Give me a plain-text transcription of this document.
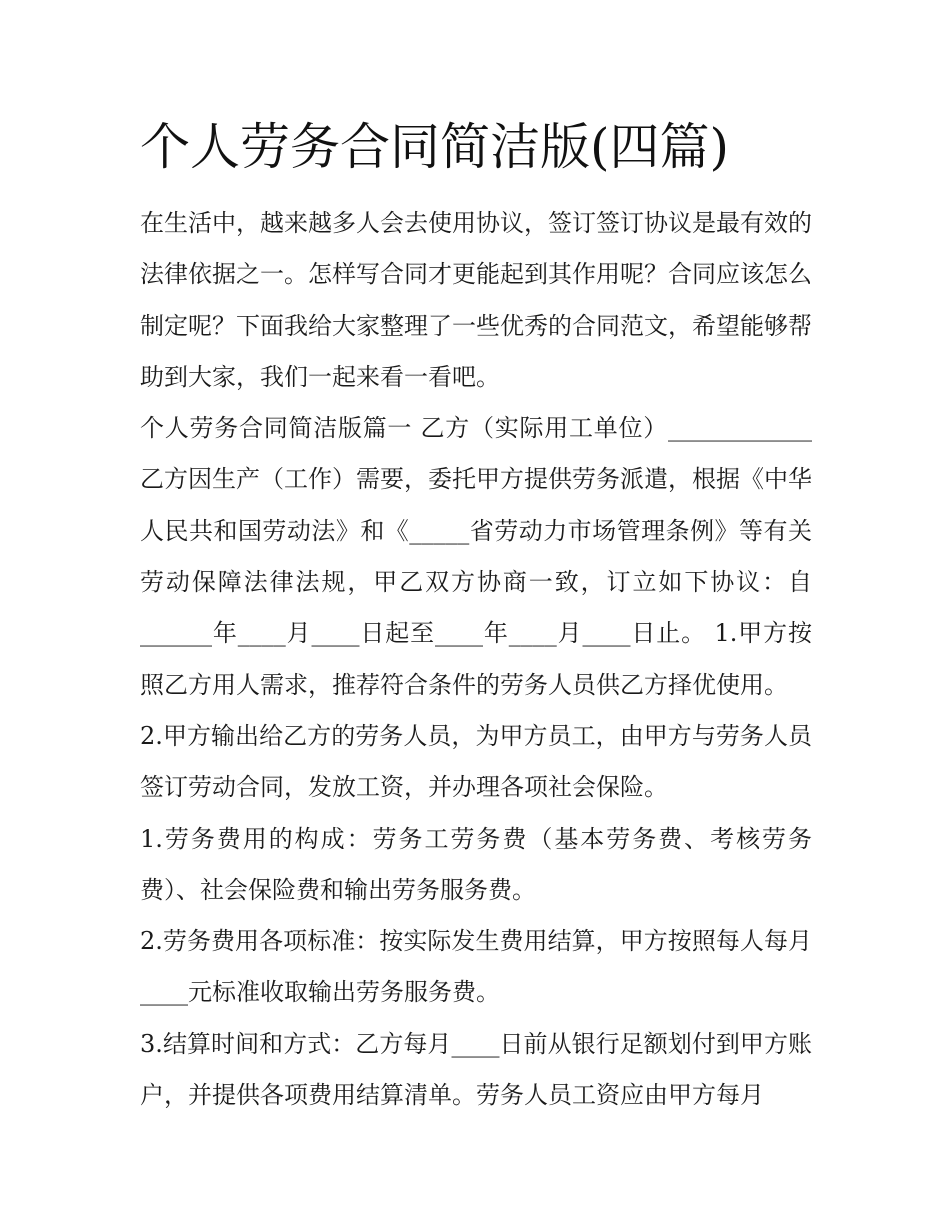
个人劳务合同简洁版(四篇)

在生活中，越来越多人会去使用协议，签订签订协议是最有效的法律依据之一。怎样写合同才更能起到其作用呢？合同应该怎么制定呢？下面我给大家整理了一些优秀的合同范文，希望能够帮助到大家，我们一起来看一看吧。

个人劳务合同简洁版篇一 乙方（实际用工单位）____________ 乙方因生产（工作）需要，委托甲方提供劳务派遣，根据《中华人民共和国劳动法》和《_____省劳动力市场管理条例》等有关劳动保障法律法规，甲乙双方协商一致，订立如下协议：自______年____月____日起至____年____月____日止。 1.甲方按照乙方用人需求，推荐符合条件的劳务人员供乙方择优使用。

2.甲方输出给乙方的劳务人员，为甲方员工，由甲方与劳务人员签订劳动合同，发放工资，并办理各项社会保险。

1.劳务费用的构成：劳务工劳务费（基本劳务费、考核劳务费）、社会保险费和输出劳务服务费。

2.劳务费用各项标准：按实际发生费用结算，甲方按照每人每月____元标准收取输出劳务服务费。

3.结算时间和方式：乙方每月____日前从银行足额划付到甲方账户，并提供各项费用结算清单。劳务人员工资应由甲方每月
